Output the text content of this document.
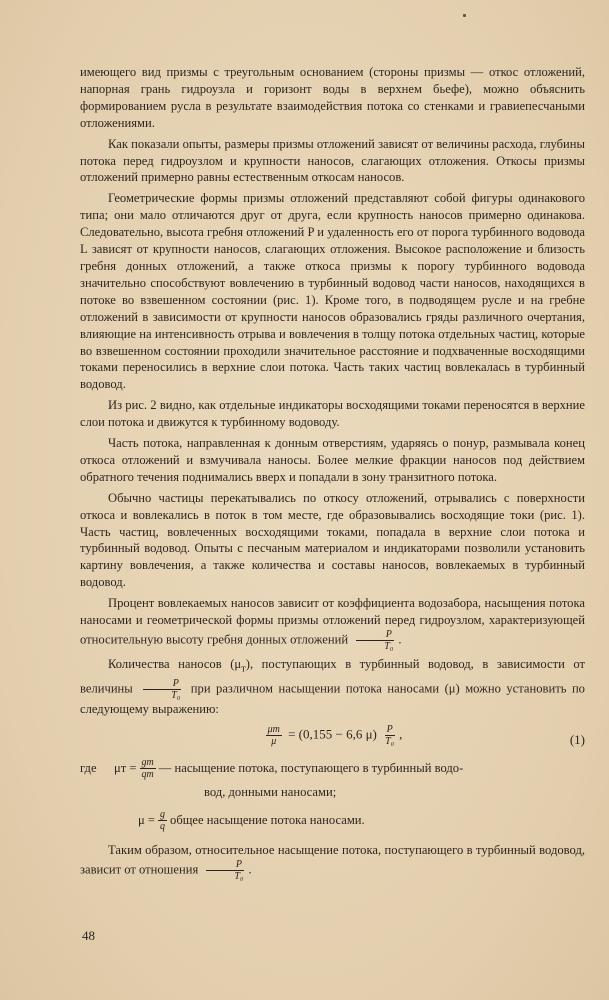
имеющего вид призмы с треугольным основанием (стороны призмы — откос отложений, напорная грань гидроузла и горизонт воды в верхнем бьефе), можно объяснить формированием русла в результате взаимодействия потока со стенками и гравиепесчаными отложениями.

Как показали опыты, размеры призмы отложений зависят от величины расхода, глубины потока перед гидроузлом и крупности наносов, слагающих отложения. Откосы призмы отложений примерно равны естественным откосам наносов.

Геометрические формы призмы отложений представляют собой фигуры одинакового типа; они мало отличаются друг от друга, если крупность наносов примерно одинакова. Следовательно, высота гребня отложений P и удаленность его от порога турбинного водовода L зависят от крупности наносов, слагающих отложения. Высокое расположение и близость гребня донных отложений, а также откоса призмы к порогу турбинного водовода значительно способствуют вовлечению в турбинный водовод части наносов, находящихся в потоке во взвешенном состоянии (рис. 1). Кроме того, в подводящем русле и на гребне отложений в зависимости от крупности наносов образовались гряды различного очертания, влияющие на интенсивность отрыва и вовлечения в толщу потока отдельных частиц, которые во взвешенном состоянии проходили значительное расстояние и подхваченные восходящими токами переносились в верхние слои потока. Часть таких частиц вовлекалась в турбинный водовод.

Из рис. 2 видно, как отдельные индикаторы восходящими токами переносятся в верхние слои потока и движутся к турбинному водоводу.

Часть потока, направленная к донным отверстиям, ударяясь о понур, размывала конец откоса отложений и взмучивала наносы. Более мелкие фракции наносов под действием обратного течения поднимались вверх и попадали в зону транзитного потока.

Обычно частицы перекатывались по откосу отложений, отрывались с поверхности откоса и вовлекались в поток в том месте, где образовывались восходящие токи (рис. 1). Часть частиц, вовлеченных восходящими токами, попадала в верхние слои потока и турбинный водовод. Опыты с песчаным материалом и индикаторами позволили установить картину вовлечения, а также количества и составы наносов, вовлекаемых в турбинный водовод.

Процент вовлекаемых наносов зависит от коэффициента водозабора, насыщения потока наносами и геометрической формы призмы отложений перед гидроузлом, характеризующей относительную высоту гребня донных отложений $\frac{P}{\text{T₀}}$ .

Количества наносов $(\mu_т)$, поступающих в турбинный водовод, в зависимости от величины $\frac{P}{\text{T₀}}$ при различном насыщении потока наносами (μ) можно установить по следующему выражению:

$\frac{\mu т}{\mu} = (0,155 - 6,6$ $\mu) \frac{P}{\text{T₀}}$ ,	(1)
где	$\mu т = \frac{gт}{qт}$ — насыщение потока, поступающего в турбинный водо-
вод, донными наносами;
$\mu = \frac{g}{q}$ общее насыщение потока наносами.

Таким образом, относительное насыщение потока, поступающего в турбинный водовод, зависит от отношения $\frac{P}{\text{T₀}}$ .

48
